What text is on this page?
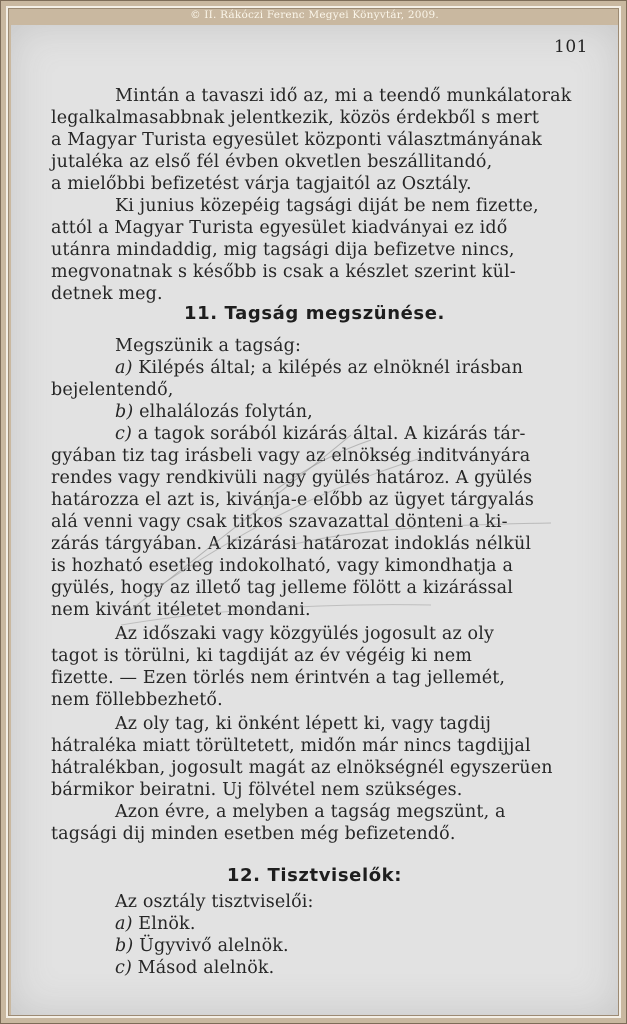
© II. Rákóczi Ferenc Megyei Könyvtár, 2009.
101
Mintán a tavaszi idő az, mi a teendő munkálatorak
legalkalmasabbnak jelentkezik, közös érdekből s mert
a Magyar Turista egyesület központi választmányának
jutaléka az első fél évben okvetlen beszállitandó,
a mielőbbi befizetést várja tagjaitól az Osztály.
Ki junius közepéig tagsági diját be nem fizette,
attól a Magyar Turista egyesület kiadványai ez idő
utánra mindaddig, mig tagsági dija befizetve nincs,
megvonatnak s később is csak a készlet szerint kül-
detnek meg.
11. Tagság megszünése.
Megszünik a tagság:
a) Kilépés által; a kilépés az elnöknél irásban
bejelentendő,
b) elhalálozás folytán,
c) a tagok sorából kizárás által. A kizárás tár-
gyában tiz tag irásbeli vagy az elnökség inditványára
rendes vagy rendkivüli nagy gyülés határoz. A gyülés
határozza el azt is, kivánja-e előbb az ügyet tárgyalás
alá venni vagy csak titkos szavazattal dönteni a ki-
zárás tárgyában. A kizárási határozat indoklás nélkül
is hozható esetleg indokolható, vagy kimondhatja a
gyülés, hogy az illető tag jelleme fölött a kizárással
nem kivánt itéletet mondani.
Az időszaki vagy közgyülés jogosult az oly
tagot is törülni, ki tagdiját az év végéig ki nem
fizette. — Ezen törlés nem érintvén a tag jellemét,
nem föllebbezhető.
Az oly tag, ki önként lépett ki, vagy tagdij
hátraléka miatt törültetett, midőn már nincs tagdijjal
hátralékban, jogosult magát az elnökségnél egyszerüen
bármikor beiratni. Uj fölvétel nem szükséges.
Azon évre, a melyben a tagság megszünt, a
tagsági dij minden esetben még befizetendő.
12. Tisztviselők:
Az osztály tisztviselői:
a) Elnök.
b) Ügyvivő alelnök.
c) Másod alelnök.
